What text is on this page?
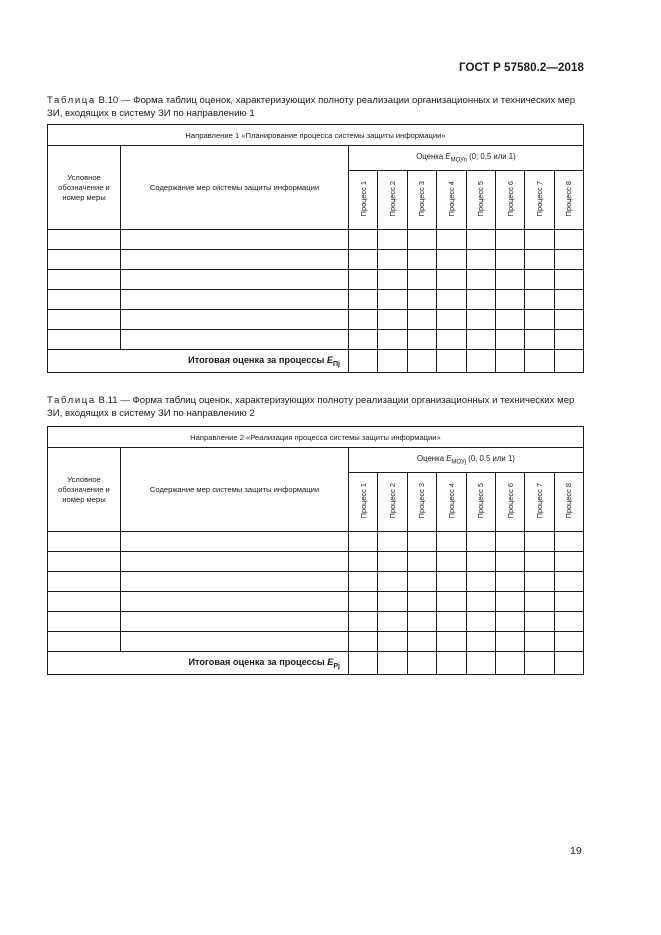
ГОСТ Р 57580.2—2018
Таблица В.10 — Форма таблиц оценок, характеризующих полноту реализации организационных и технических мер ЗИ, входящих в систему ЗИ по направлению 1
Направление 1 «Планирование процесса системы защиты информации»									
Условное обозначение и номер меры	Содержание мер системы защиты информации	Оценка $E_{МОУп}$ (0; 0,5 или 1)							
		Процесс 1	Процесс 2	Процесс 3	Процесс 4	Процесс 5	Процесс 6	Процесс 7	Процесс 8

Итоговая оценка за процессы $E_{Пj}$								
Таблица В.11 — Форма таблиц оценок, характеризующих полноту реализации организационных и технических мер ЗИ, входящих в систему ЗИ по направлению 2
Направление 2 «Реализация процесса системы защиты информации»									
Условное обозначение и номер меры	Содержание мер системы защиты информации	Оценка $E_{МОУj}$ (0, 0.5 или 1)							
		Процесс 1	Процесс 2	Процесс 3	Процесс 4	Процесс 5	Процесс 6	Процесс 7	Процесс 8

Итоговая оценка за процессы $E_{Pj}$								
19
